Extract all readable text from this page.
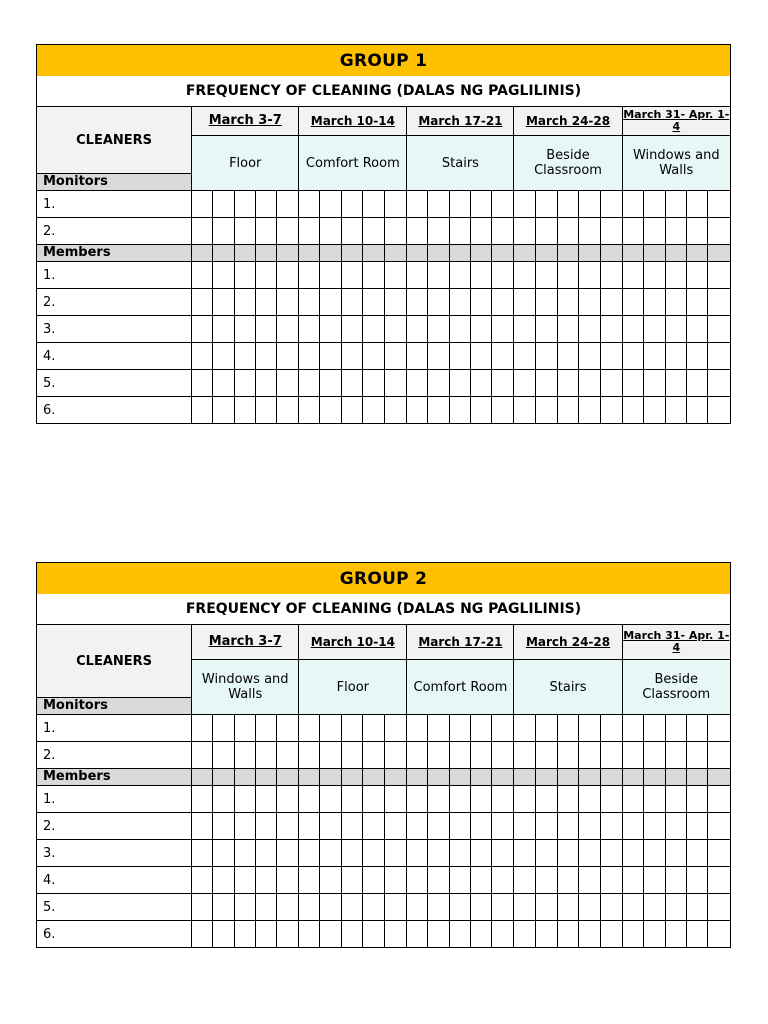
GROUP 1
FREQUENCY OF CLEANING (DALAS NG PAGLILINIS)
CLEANERS	March 3-7					March 10-14					March 17-21					March 24-28					March 31- Apr. 1-4				
	Floor					Comfort Room					Stairs					Beside Classroom					Windows and Walls				
Monitors																									
1.																									
2.																									
Members																									
1.																									
2.																									
3.																									
4.																									
5.																									
6.																									
GROUP 2
FREQUENCY OF CLEANING (DALAS NG PAGLILINIS)
CLEANERS	March 3-7					March 10-14					March 17-21					March 24-28					March 31- Apr. 1-4				
	Windows and Walls					Floor					Comfort Room					Stairs					Beside Classroom				
Monitors																									
1.																									
2.																									
Members																									
1.																									
2.																									
3.																									
4.																									
5.																									
6.																									
